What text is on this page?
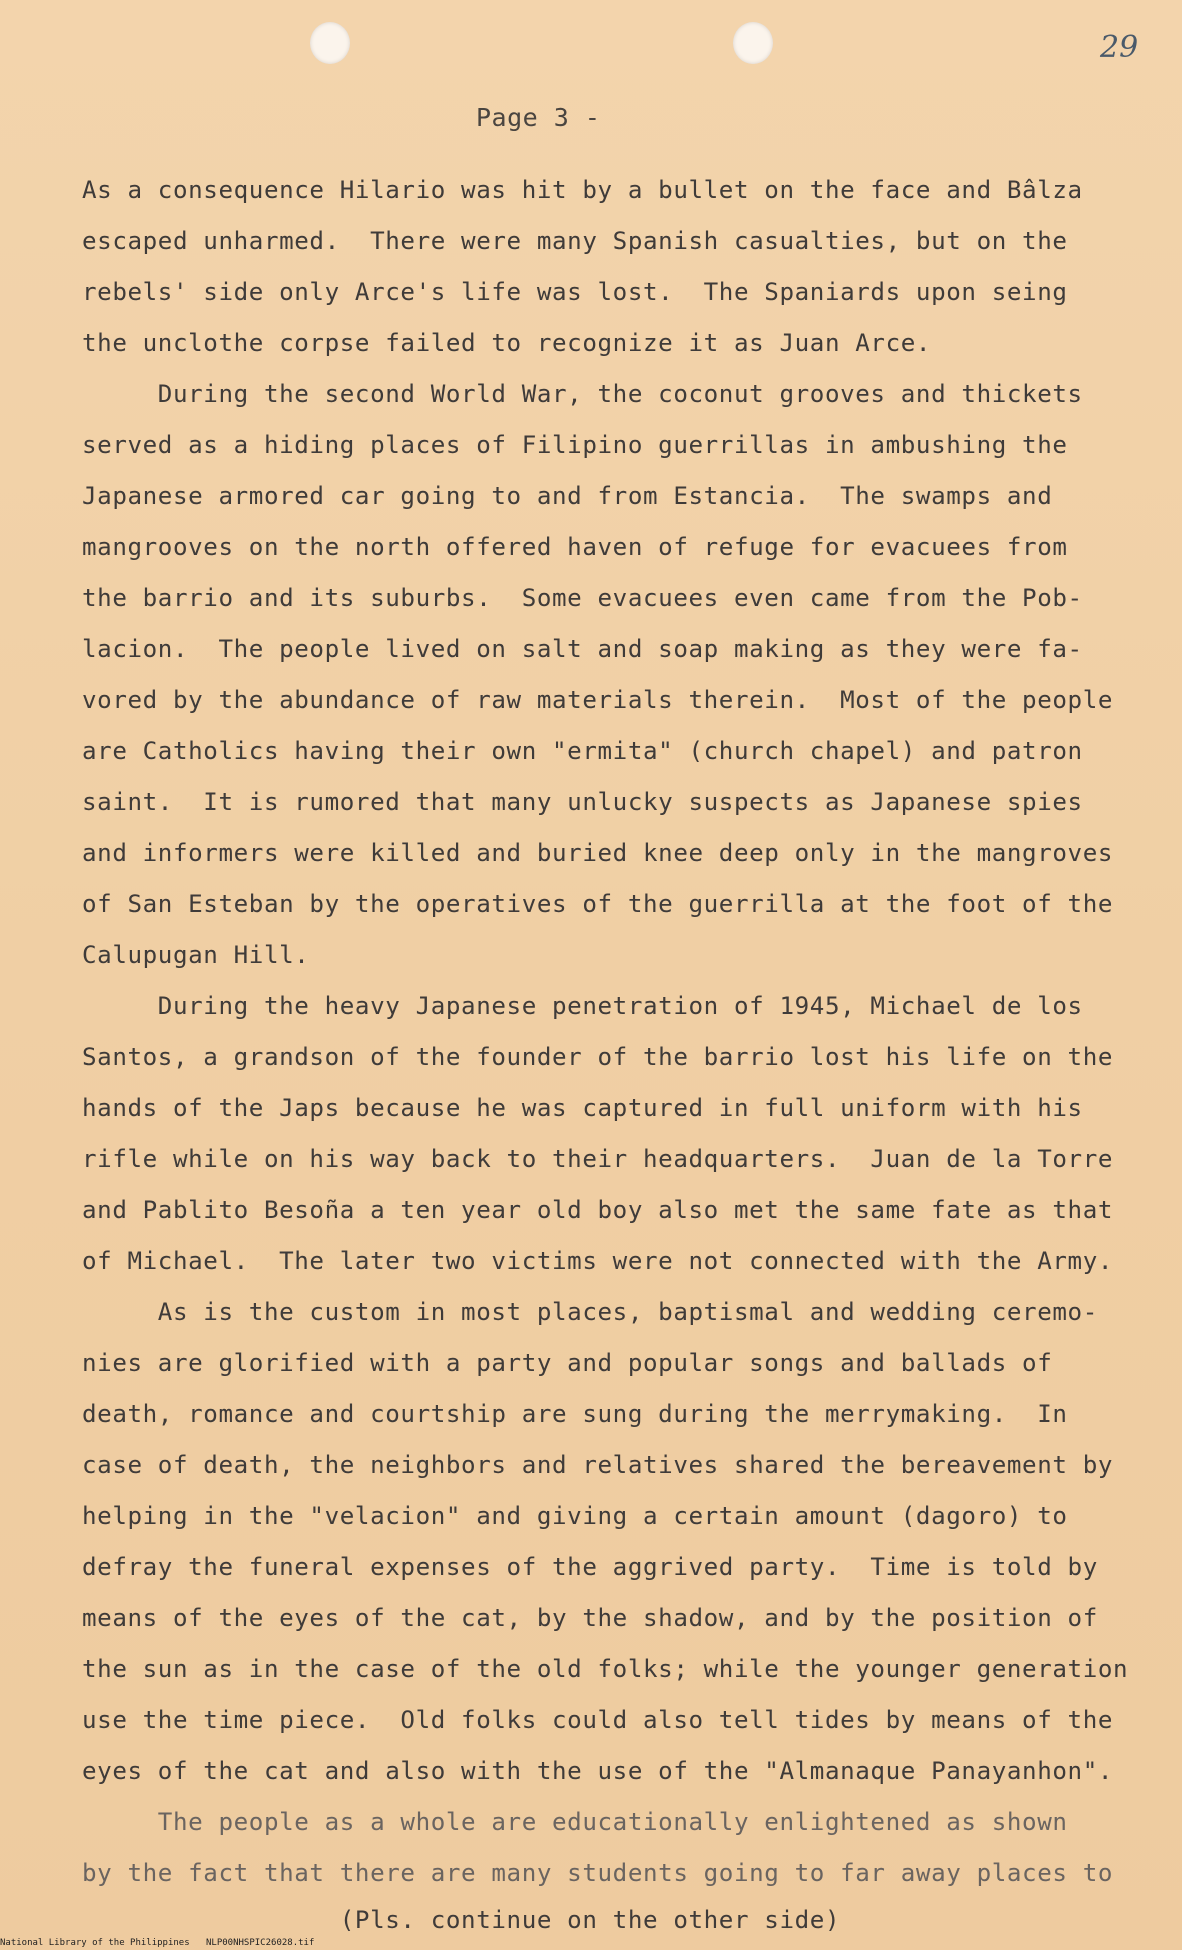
29
Page 3 -
As a consequence Hilario was hit by a bullet on the face and Bâlza
escaped unharmed.  There were many Spanish casualties, but on the
rebels' side only Arce's life was lost.  The Spaniards upon seing
the unclothe corpse failed to recognize it as Juan Arce.
During the second World War, the coconut grooves and thickets
served as a hiding places of Filipino guerrillas in ambushing the
Japanese armored car going to and from Estancia.  The swamps and
mangrooves on the north offered haven of refuge for evacuees from
the barrio and its suburbs.  Some evacuees even came from the Pob-
lacion.  The people lived on salt and soap making as they were fa-
vored by the abundance of raw materials therein.  Most of the people
are Catholics having their own "ermita" (church chapel) and patron
saint.  It is rumored that many unlucky suspects as Japanese spies
and informers were killed and buried knee deep only in the mangroves
of San Esteban by the operatives of the guerrilla at the foot of the
Calupugan Hill.
During the heavy Japanese penetration of 1945, Michael de los
Santos, a grandson of the founder of the barrio lost his life on the
hands of the Japs because he was captured in full uniform with his
rifle while on his way back to their headquarters.  Juan de la Torre
and Pablito Besoña a ten year old boy also met the same fate as that
of Michael.  The later two victims were not connected with the Army.
As is the custom in most places, baptismal and wedding ceremo-
nies are glorified with a party and popular songs and ballads of
death, romance and courtship are sung during the merrymaking.  In
case of death, the neighbors and relatives shared the bereavement by
helping in the "velacion" and giving a certain amount (dagoro) to
defray the funeral expenses of the aggrived party.  Time is told by
means of the eyes of the cat, by the shadow, and by the position of
the sun as in the case of the old folks; while the younger generation
use the time piece.  Old folks could also tell tides by means of the
eyes of the cat and also with the use of the "Almanaque Panayanhon".
The people as a whole are educationally enlightened as shown
by the fact that there are many students going to far away places to
(Pls. continue on the other side)
National Library of the Philippines NLP00NHSPIC26028.tif
